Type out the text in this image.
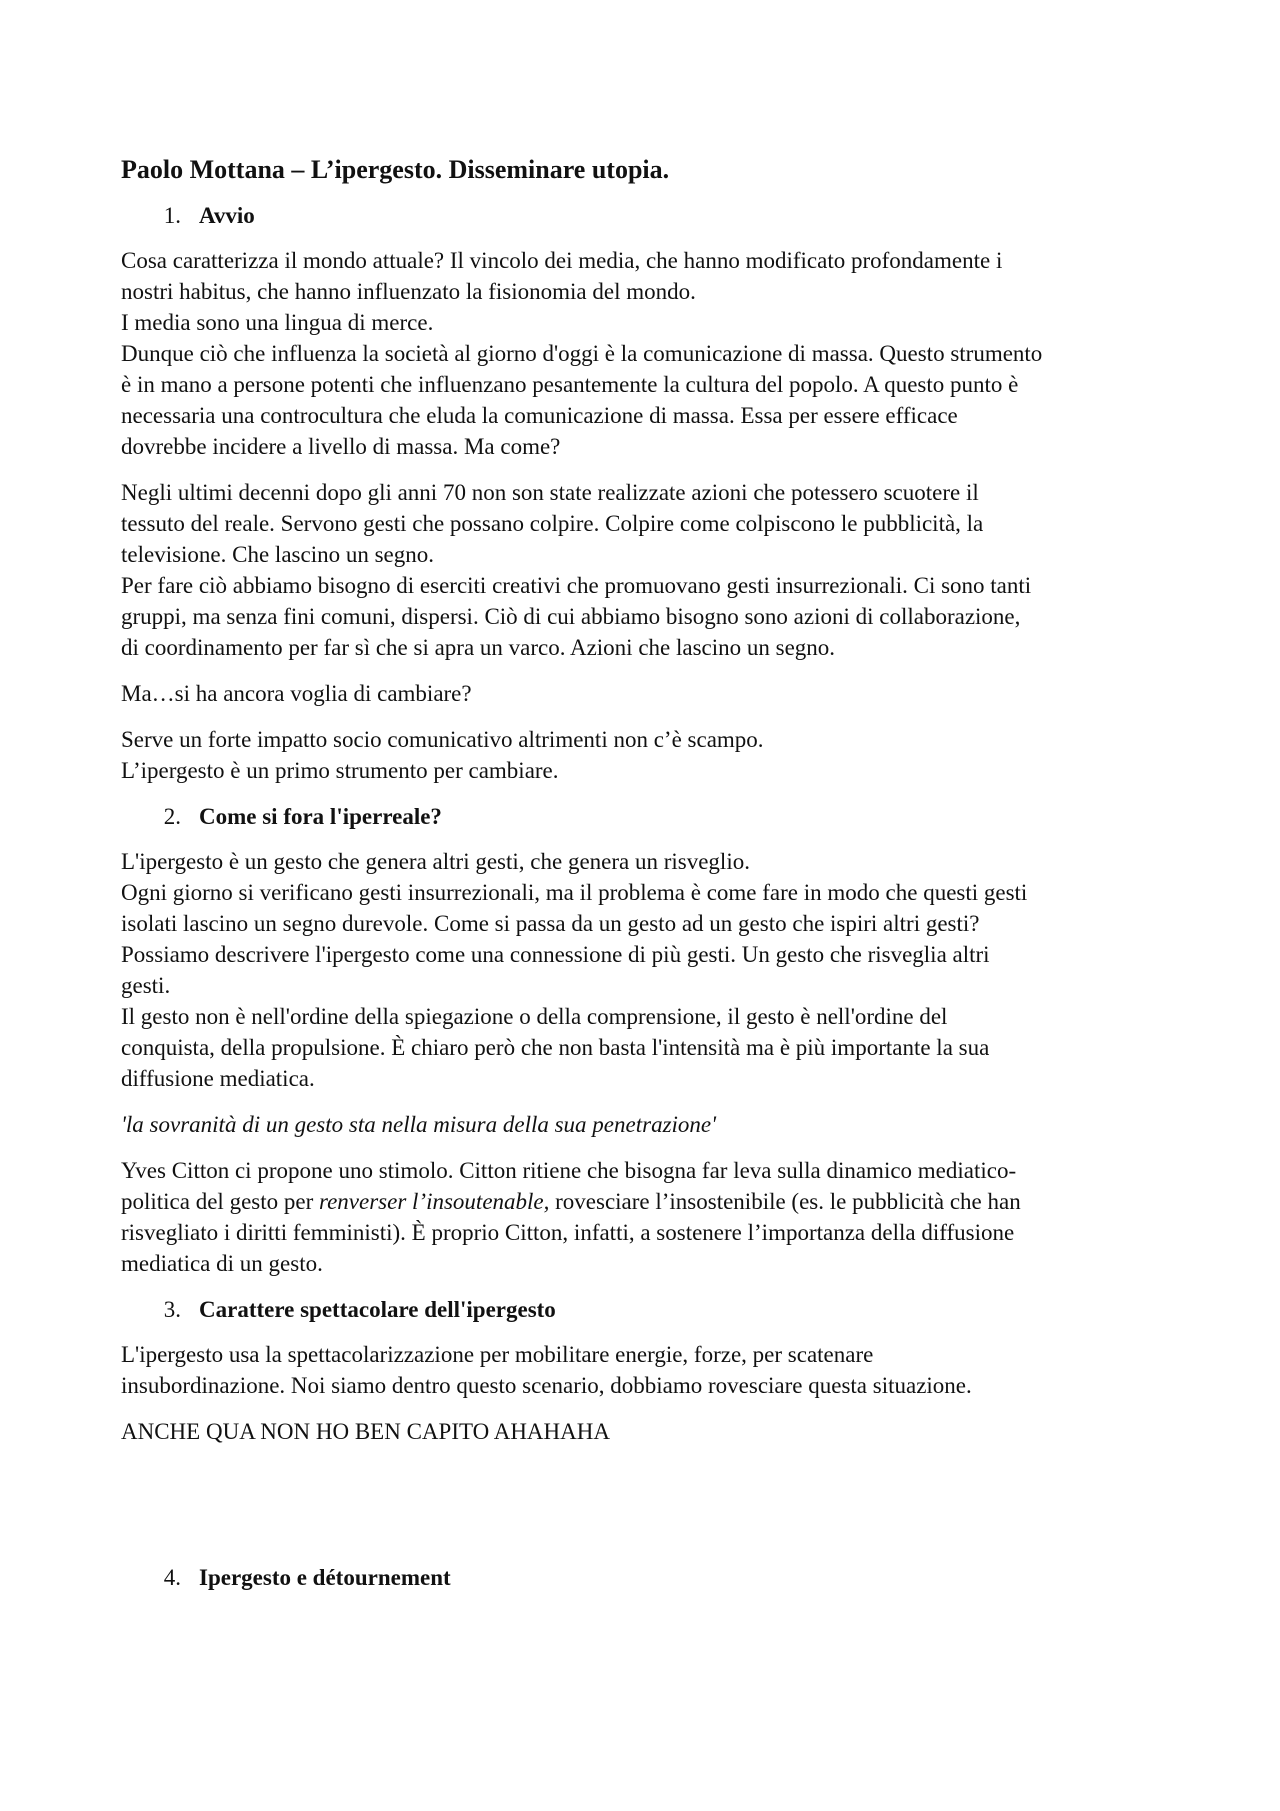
Paolo Mottana – L’ipergesto. Disseminare utopia.
1. Avvio
Cosa caratterizza il mondo attuale? Il vincolo dei media, che hanno modificato profondamente i
nostri habitus, che hanno influenzato la fisionomia del mondo.
I media sono una lingua di merce.
Dunque ciò che influenza la società al giorno d'oggi è la comunicazione di massa. Questo strumento
è in mano a persone potenti che influenzano pesantemente la cultura del popolo. A questo punto è
necessaria una controcultura che eluda la comunicazione di massa. Essa per essere efficace
dovrebbe incidere a livello di massa. Ma come?
Negli ultimi decenni dopo gli anni 70 non son state realizzate azioni che potessero scuotere il
tessuto del reale. Servono gesti che possano colpire. Colpire come colpiscono le pubblicità, la
televisione. Che lascino un segno.
Per fare ciò abbiamo bisogno di eserciti creativi che promuovano gesti insurrezionali. Ci sono tanti
gruppi, ma senza fini comuni, dispersi. Ciò di cui abbiamo bisogno sono azioni di collaborazione,
di coordinamento per far sì che si apra un varco. Azioni che lascino un segno.
Ma…si ha ancora voglia di cambiare?
Serve un forte impatto socio comunicativo altrimenti non c’è scampo.
L’ipergesto è un primo strumento per cambiare.
2. Come si fora l'iperreale?
L'ipergesto è un gesto che genera altri gesti, che genera un risveglio.
Ogni giorno si verificano gesti insurrezionali, ma il problema è come fare in modo che questi gesti
isolati lascino un segno durevole. Come si passa da un gesto ad un gesto che ispiri altri gesti?
Possiamo descrivere l'ipergesto come una connessione di più gesti. Un gesto che risveglia altri
gesti.
Il gesto non è nell'ordine della spiegazione o della comprensione, il gesto è nell'ordine del
conquista, della propulsione. È chiaro però che non basta l'intensità ma è più importante la sua
diffusione mediatica.
'la sovranità di un gesto sta nella misura della sua penetrazione'
Yves Citton ci propone uno stimolo. Citton ritiene che bisogna far leva sulla dinamico mediatico-
politica del gesto per renverser l’insoutenable, rovesciare l’insostenibile (es. le pubblicità che han
risvegliato i diritti femministi). È proprio Citton, infatti, a sostenere l’importanza della diffusione
mediatica di un gesto.
3. Carattere spettacolare dell'ipergesto
L'ipergesto usa la spettacolarizzazione per mobilitare energie, forze, per scatenare
insubordinazione. Noi siamo dentro questo scenario, dobbiamo rovesciare questa situazione.
ANCHE QUA NON HO BEN CAPITO AHAHAHA
4. Ipergesto e détournement
